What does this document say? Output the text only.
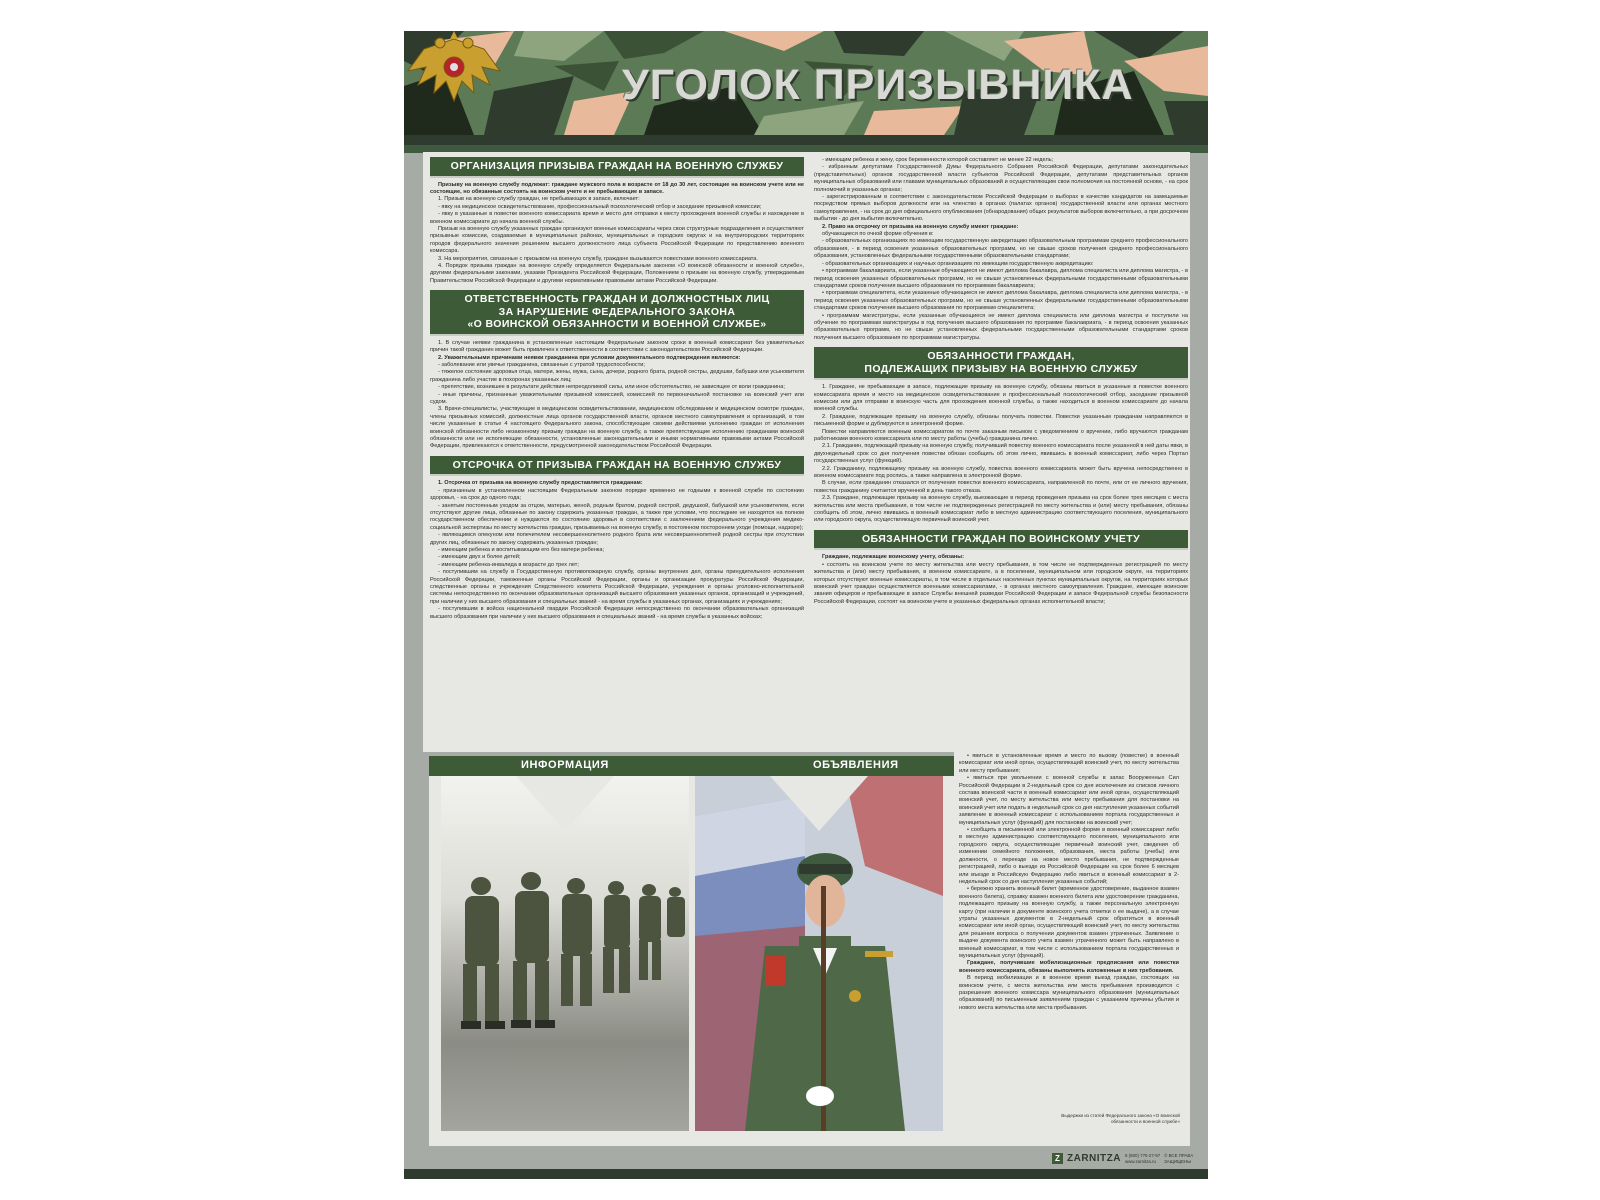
УГОЛОК ПРИЗЫВНИКА
ОРГАНИЗАЦИЯ ПРИЗЫВА ГРАЖДАН НА ВОЕННУЮ СЛУЖБУ

Призыву на военную службу подлежат: граждане мужского пола в возрасте от 18 до 30 лет, состоящие на воинском учете или не состоящие, но обязанные состоять на воинском учете и не пребывающие в запасе.

1. Призыв на военную службу граждан, не пребывающих в запасе, включает:

- явку на медицинское освидетельствование, профессиональный психологический отбор и заседание призывной комиссии;

- явку в указанные в повестке военного комиссариата время и место для отправки к месту прохождения военной службы и нахождение в военном комиссариате до начала военной службы.

Призыв на военную службу указанных граждан организуют военные комиссариаты через свои структурные подразделения и осуществляют призывные комиссии, создаваемые в муниципальных районах, муниципальных и городских округах и на внутригородских территориях городов федерального значения решением высшего должностного лица субъекта Российской Федерации по представлению военного комиссара.

3. На мероприятия, связанные с призывом на военную службу, граждане вызываются повестками военного комиссариата.

4. Порядок призыва граждан на военную службу определяется Федеральным законом «О воинской обязанности и военной службе», другими федеральными законами, указами Президента Российской Федерации, Положением о призыве на военную службу, утверждаемым Правительством Российской Федерации и другими нормативными правовыми актами Российской Федерации.

ОТВЕТСТВЕННОСТЬ ГРАЖДАН И ДОЛЖНОСТНЫХ ЛИЦ
ЗА НАРУШЕНИЕ ФЕДЕРАЛЬНОГО ЗАКОНА
«О ВОИНСКОЙ ОБЯЗАННОСТИ И ВОЕННОЙ СЛУЖБЕ»

1. В случае неявки гражданина в установленные настоящим Федеральным законом сроки в военный комиссариат без уважительных причин такой гражданин может быть привлечен к ответственности в соответствии с законодательством Российской Федерации.

2. Уважительными причинами неявки гражданина при условии документального подтверждения являются:

- заболевание или увечье гражданина, связанные с утратой трудоспособности;

- тяжелое состояние здоровья отца, матери, жены, мужа, сына, дочери, родного брата, родной сестры, дедушки, бабушки или усыновителя гражданина либо участие в похоронах указанных лиц;

- препятствие, возникшее в результате действия непреодолимой силы, или иное обстоятельство, не зависящее от воли гражданина;

- иные причины, признанные уважительными призывной комиссией, комиссией по первоначальной постановке на воинский учет или судом.

3. Врачи-специалисты, участвующие в медицинском освидетельствовании, медицинском обследовании и медицинском осмотре граждан, члены призывных комиссий, должностные лица органов государственной власти, органов местного самоуправления и организаций, в том числе указанные в статье 4 настоящего Федерального закона, способствующие своими действиями уклонению граждан от исполнения воинской обязанности либо незаконному призыву граждан на военную службу, а также препятствующие исполнению гражданами воинской обязанности или не исполняющие обязанности, установленные законодательными и иными нормативными правовыми актами Российской Федерации, привлекаются к ответственности, предусмотренной законодательством Российской Федерации.

ОТСРОЧКА ОТ ПРИЗЫВА ГРАЖДАН НА ВОЕННУЮ СЛУЖБУ

1. Отсрочка от призыва на военную службу предоставляется гражданам:

- признанным в установленном настоящим Федеральным законом порядке временно не годными к военной службе по состоянию здоровья, - на срок до одного года;

- занятым постоянным уходом за отцом, матерью, женой, родным братом, родной сестрой, дедушкой, бабушкой или усыновителем, если отсутствуют другие лица, обязанные по закону содержать указанных граждан, а также при условии, что последние не находятся на полном государственном обеспечении и нуждаются по состоянию здоровья в соответствии с заключением федерального учреждения медико-социальной экспертизы по месту жительства граждан, призываемых на военную службу, в постоянном постороннем уходе (помощи, надзоре);

- являющимся опекуном или попечителем несовершеннолетнего родного брата или несовершеннолетней родной сестры при отсутствии других лиц, обязанных по закону содержать указанных граждан;

- имеющим ребенка и воспитывающим его без матери ребенка;

- имеющим двух и более детей;

- имеющим ребенка-инвалида в возрасте до трех лет;

- поступившим на службу в Государственную противопожарную службу, органы внутренних дел, органы принудительного исполнения Российской Федерации, таможенные органы Российской Федерации, органы и организации прокуратуры Российской Федерации, следственные органы и учреждения Следственного комитета Российской Федерации, учреждения и органы уголовно-исполнительной системы непосредственно по окончании образовательных организаций высшего образования указанных органов, организаций и учреждений, при наличии у них высшего образования и специальных званий - на время службы в указанных органах, организациях и учреждениях;

- поступившим в войска национальной гвардии Российской Федерации непосредственно по окончании образовательных организаций высшего образования при наличии у них высшего образования и специальных званий - на время службы в указанных войсках;

- имеющим ребенка и жену, срок беременности которой составляет не менее 22 недель;

- избранным депутатами Государственной Думы Федерального Собрания Российской Федерации, депутатами законодательных (представительных) органов государственной власти субъектов Российской Федерации, депутатами представительных органов муниципальных образований или главами муниципальных образований и осуществляющим свои полномочия на постоянной основе, - на срок полномочий в указанных органах;

- зарегистрированным в соответствии с законодательством Российской Федерации о выборах в качестве кандидатов на замещаемые посредством прямых выборов должности или на членство в органах (палатах органов) государственной власти или органах местного самоуправления, - на срок до дня официального опубликования (обнародования) общих результатов выборов включительно, а при досрочном выбытии - до дня выбытия включительно.

2. Право на отсрочку от призыва на военную службу имеют граждане:

обучающиеся по очной форме обучения в:

- образовательных организациях по имеющим государственную аккредитацию образовательным программам среднего профессионального образования, - в период освоения указанных образовательных программ, но не свыше сроков получения среднего профессионального образования, установленных федеральными государственными образовательными стандартами;

- образовательных организациях и научных организациях по имеющим государственную аккредитацию:

• программам бакалавриата, если указанные обучающиеся не имеют диплома бакалавра, диплома специалиста или диплома магистра, - в период освоения указанных образовательных программ, но не свыше установленных федеральными государственными образовательными стандартами сроков получения высшего образования по программам бакалавриата;

• программам специалитета, если указанные обучающиеся не имеют диплома бакалавра, диплома специалиста или диплома магистра, - в период освоения указанных образовательных программ, но не свыше установленных федеральными государственными образовательными стандартами сроков получения высшего образования по программам специалитета;

• программам магистратуры, если указанные обучающиеся не имеют диплома специалиста или диплома магистра и поступили на обучение по программам магистратуры в год получения высшего образования по программе бакалавриата, - в период освоения указанных образовательных программ, но не свыше установленных федеральными государственными образовательными стандартами сроков получения высшего образования по программам магистратуры.

ОБЯЗАННОСТИ ГРАЖДАН,
ПОДЛЕЖАЩИХ ПРИЗЫВУ НА ВОЕННУЮ СЛУЖБУ

1. Граждане, не пребывающие в запасе, подлежащие призыву на военную службу, обязаны явиться в указанные в повестке военного комиссариата время и место на медицинское освидетельствование и профессиональный психологический отбор, заседание призывной комиссии или для отправки в воинскую часть для прохождения военной службы, а также находиться в военном комиссариате до начала военной службы.

2. Граждане, подлежащие призыву на военную службу, обязаны получать повестки. Повестки указанным гражданам направляются в письменной форме и дублируются в электронной форме.

Повестки направляются военным комиссариатом по почте заказным письмом с уведомлением о вручении, либо вручаются гражданам работниками военного комиссариата или по месту работы (учебы) гражданина лично.

2.1. Гражданин, подлежащий призыву на военную службу, получивший повестку военного комиссариата после указанной в ней даты явки, в двухнедельный срок со дня получения повестки обязан сообщить об этом лично, явившись в военный комиссариат, либо через Портал государственных услуг (функций).

2.2. Гражданину, подлежащему призыву на военную службу, повестка военного комиссариата может быть вручена непосредственно в военном комиссариате под роспись, а также направлена в электронной форме.

В случае, если гражданин отказался от получения повестки военного комиссариата, направленной по почте, или от ее личного вручения, повестка гражданину считается врученной в день такого отказа.

2.3. Граждане, подлежащие призыву на военную службу, выезжающие в период проведения призыва на срок более трех месяцев с места жительства или места пребывания, в том числе не подтвержденных регистрацией по месту жительства и (или) месту пребывания, обязаны сообщить об этом, лично явившись в военный комиссариат либо в местную администрацию соответствующего поселения, муниципального или городского округа, осуществляющую первичный воинский учет.

ОБЯЗАННОСТИ ГРАЖДАН ПО ВОИНСКОМУ УЧЕТУ

Граждане, подлежащие воинскому учету, обязаны:

• состоять на воинском учете по месту жительства или месту пребывания, в том числе не подтвержденных регистрацией по месту жительства и (или) месту пребывания, в военном комиссариате, а в поселении, муниципальном или городском округе, на территориях которых отсутствуют военные комиссариаты, в том числе в отдельных населенных пунктах муниципальных округов, на территориях которых воинский учет граждан осуществляется военными комиссариатами, - в органах местного самоуправления. Граждане, имеющие воинские звания офицеров и пребывающие в запасе Службы внешней разведки Российской Федерации и запасе Федеральной службы безопасности Российской Федерации, состоят на воинском учете в указанных федеральных органах исполнительной власти;

ИНФОРМАЦИЯ	ОБЪЯВЛЕНИЯ

• явиться в установленные время и место по вызову (повестке) в военный комиссариат или иной орган, осуществляющий воинский учет, по месту жительства или месту пребывания;

• явиться при увольнении с военной службы в запас Вооруженных Сил Российской Федерации в 2-недельный срок со дня исключения из списков личного состава воинской части в военный комиссариат или иной орган, осуществляющий воинский учет, по месту жительства или месту пребывания для постановки на воинский учет или подать в недельный срок со дня наступления указанных событий заявление в военный комиссариат с использованием портала государственных и муниципальных услуг (функций) для постановки на воинский учет;

• сообщить в письменной или электронной форме в военный комиссариат либо в местную администрацию соответствующего поселения, муниципального или городского округа, осуществляющие первичный воинский учет, сведения об изменении семейного положения, образования, места работы (учебы) или должности, о переезде на новое место пребывания, не подтвержденные регистрацией, либо о выезде из Российской Федерации на срок более 6 месяцев или въезде в Российскую Федерацию либо явиться в военный комиссариат в 2-недельный срок со дня наступления указанных событий;

• бережно хранить военный билет (временное удостоверение, выданное взамен военного билета), справку взамен военного билета или удостоверение гражданина, подлежащего призыву на военную службу, а также персональную электронную карту (при наличии в документе воинского учета отметки о ее выдаче), а в случае утраты указанных документов в 2-недельный срок обратиться в военный комиссариат или иной орган, осуществляющий воинский учет, по месту жительства для решения вопроса о получении документов взамен утраченных. Заявление о выдаче документа воинского учета взамен утраченного может быть направлено в военный комиссариат, в том числе с использованием портала государственных и муниципальных услуг (функций).

Граждане, получившие мобилизационные предписания или повестки военного комиссариата, обязаны выполнять изложенные в них требования.

В период мобилизации и в военное время выезд граждан, состоящих на воинском учете, с места жительства или места пребывания производится с разрешения военного комиссара муниципального образования (муниципальных образований) по письменным заявлениям граждан с указанием причины убытия и нового места жительства или места пребывания.

Выдержки из статей Федерального закона «О воинской обязанности и военной службе»
Z ZARNITZA 8 (800) 775-27-97
www.zarnitza.ru
© ВСЕ ПРАВА ЗАЩИЩЕНЫ
